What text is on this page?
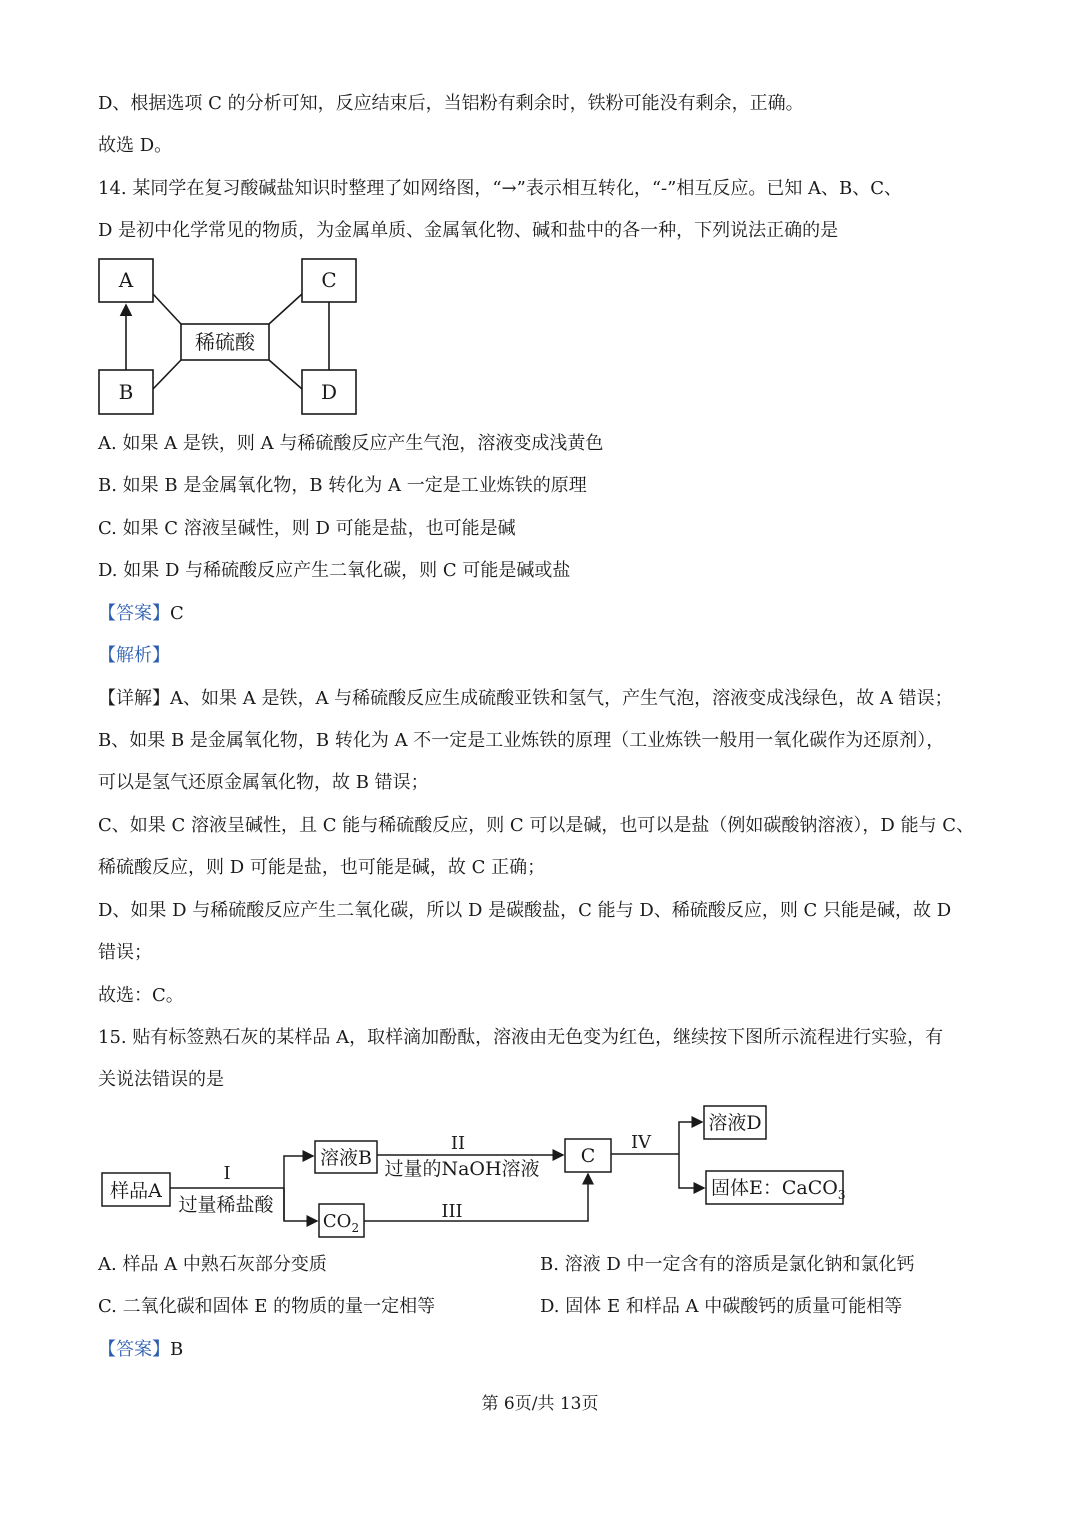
D、根据选项 C 的分析可知，反应结束后，当铝粉有剩余时，铁粉可能没有剩余，正确。
故选 D。
14. 某同学在复习酸碱盐知识时整理了如网络图，“→”表示相互转化，“-”相互反应。已知 A、B、C、
D 是初中化学常见的物质，为金属单质、金属氧化物、碱和盐中的各一种，下列说法正确的是
A	C
B	D
稀硫酸
A. 如果 A 是铁，则 A 与稀硫酸反应产生气泡，溶液变成浅黄色
B. 如果 B 是金属氧化物，B 转化为 A 一定是工业炼铁的原理
C. 如果 C 溶液呈碱性，则 D 可能是盐，也可能是碱
D. 如果 D 与稀硫酸反应产生二氧化碳，则 C 可能是碱或盐
【答案】C
【解析】
【详解】A、如果 A 是铁，A 与稀硫酸反应生成硫酸亚铁和氢气，产生气泡，溶液变成浅绿色，故 A 错误；
B、如果 B 是金属氧化物，B 转化为 A 不一定是工业炼铁的原理（工业炼铁一般用一氧化碳作为还原剂），
可以是氢气还原金属氧化物，故 B 错误；
C、如果 C 溶液呈碱性，且 C 能与稀硫酸反应，则 C 可以是碱，也可以是盐（例如碳酸钠溶液），D 能与 C、
稀硫酸反应，则 D 可能是盐，也可能是碱，故 C 正确；
D、如果 D 与稀硫酸反应产生二氧化碳，所以 D 是碳酸盐，C 能与 D、稀硫酸反应，则 C 只能是碱，故 D
错误；
故选：C。
15. 贴有标签熟石灰的某样品 A，取样滴加酚酞，溶液由无色变为红色，继续按下图所示流程进行实验，有
关说法错误的是
样品A
I
过量稀盐酸
溶液B
II
过量的NaOH溶液
$CO_2$
III
C
IV
溶液D
固体E：CaCO$_3$
A. 样品 A 中熟石灰部分变质	B. 溶液 D 中一定含有的溶质是氯化钠和氯化钙
C. 二氧化碳和固体 E 的物质的量一定相等	D. 固体 E 和样品 A 中碳酸钙的质量可能相等
【答案】B
第 6页/共 13页
